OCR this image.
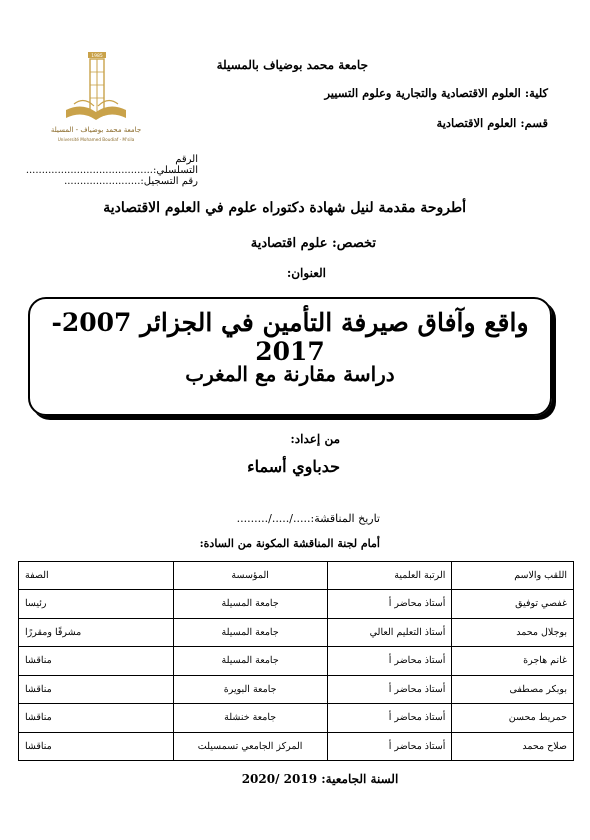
1985
جامعة محمد بوضياف - المسيلة
Université Mohamed Boudiaf - M'sila
جامعة محمد بوضياف بالمسيلة
كلية: العلوم الاقتصادية والتجارية وعلوم التسيير
قسم: العلوم الاقتصادية
الرقم التسلسلي:........................................
رقم التسجيل:........................
أطروحة مقدمة لنيل شهادة دكتوراه علوم في العلوم الاقتصادية
تخصص: علوم اقتصادية
العنوان:
واقع وآفاق صيرفة التأمين في الجزائر 2007-2017
دراسة مقارنة مع المغرب
من إعداد:
حدباوي أسماء
تاريخ المناقشة:...../...../.........
أمام لجنة المناقشة المكونة من السادة:
اللقب والاسم	الرتبة العلمية	المؤسسة	الصفة
غفصي توفيق	أستاذ محاضر أ	جامعة المسيلة	رئيسا
بوجلال محمد	أستاذ التعليم العالي	جامعة المسيلة	مشرفًا ومقررًا
غانم هاجرة	أستاذ محاضر أ	جامعة المسيلة	مناقشا
بوبكر مصطفى	أستاذ محاضر أ	جامعة البويرة	مناقشا
حمريط محسن	أستاذ محاضر أ	جامعة خنشلة	مناقشا
صلاح محمد	أستاذ محاضر أ	المركز الجامعي تسمسيلت	مناقشا
السنة الجامعية: 2019 /2020
